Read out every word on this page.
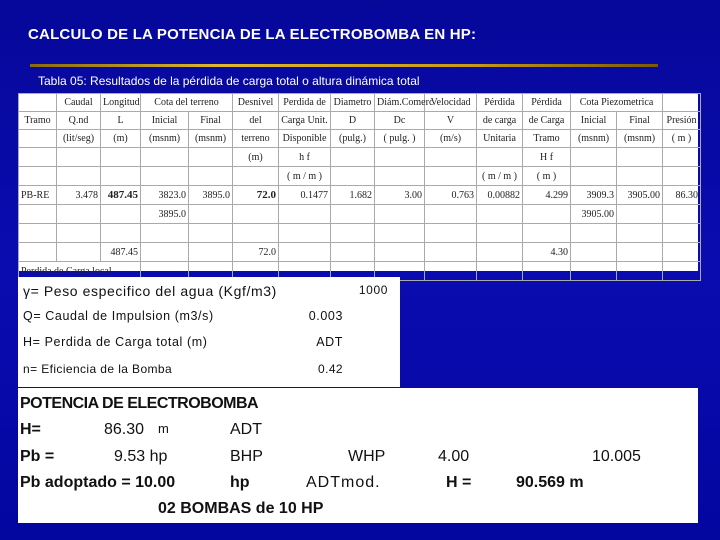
CALCULO DE LA POTENCIA DE LA ELECTROBOMBA EN HP:
Tabla 05: Resultados de la pérdida de carga total o altura dinámica total
	Caudal	Longitud	Cota del terreno		Desnivel	Perdida de	Diametro	Diám.Comerc	Velocidad	Pérdida	Pérdida	Cota Piezometrica		
Tramo	Q.nd	L	Inicial	Final	del	Carga Unit.	D	Dc	V	de carga	de Carga	Inicial	Final	Presión
	(lit/seg)	(m)	(msnm)	(msnm)	terreno	Disponible	(pulg.)	( pulg. )	(m/s)	Unitaria	Tramo	(msnm)	(msnm)	( m )
					(m)	h f					H f			
						( m / m )				( m / m )	( m )			
PB-RE	3.478	487.45	3823.0	3895.0	72.0	0.1477	1.682	3.00	0.763	0.00882	4.299	3909.3	3905.00	86.30
			3895.0									3905.00		

		487.45			72.0						4.30			
Perdida de Carga local														
γ= Peso especifico del agua (Kgf/m3)	1000
Q= Caudal de Impulsion (m3/s)	0.003
H= Perdida de Carga total (m)	ADT
n= Eficiencia de la Bomba	0.42
POTENCIA DE ELECTROBOMBA
H=	86.30 m	ADT
Pb =	9.53 hp	BHP	WHP	4.00	10.005
Pb adoptado = 10.00	hp	ADTmod.	H =	90.569 m
02 BOMBAS de 10 HP
